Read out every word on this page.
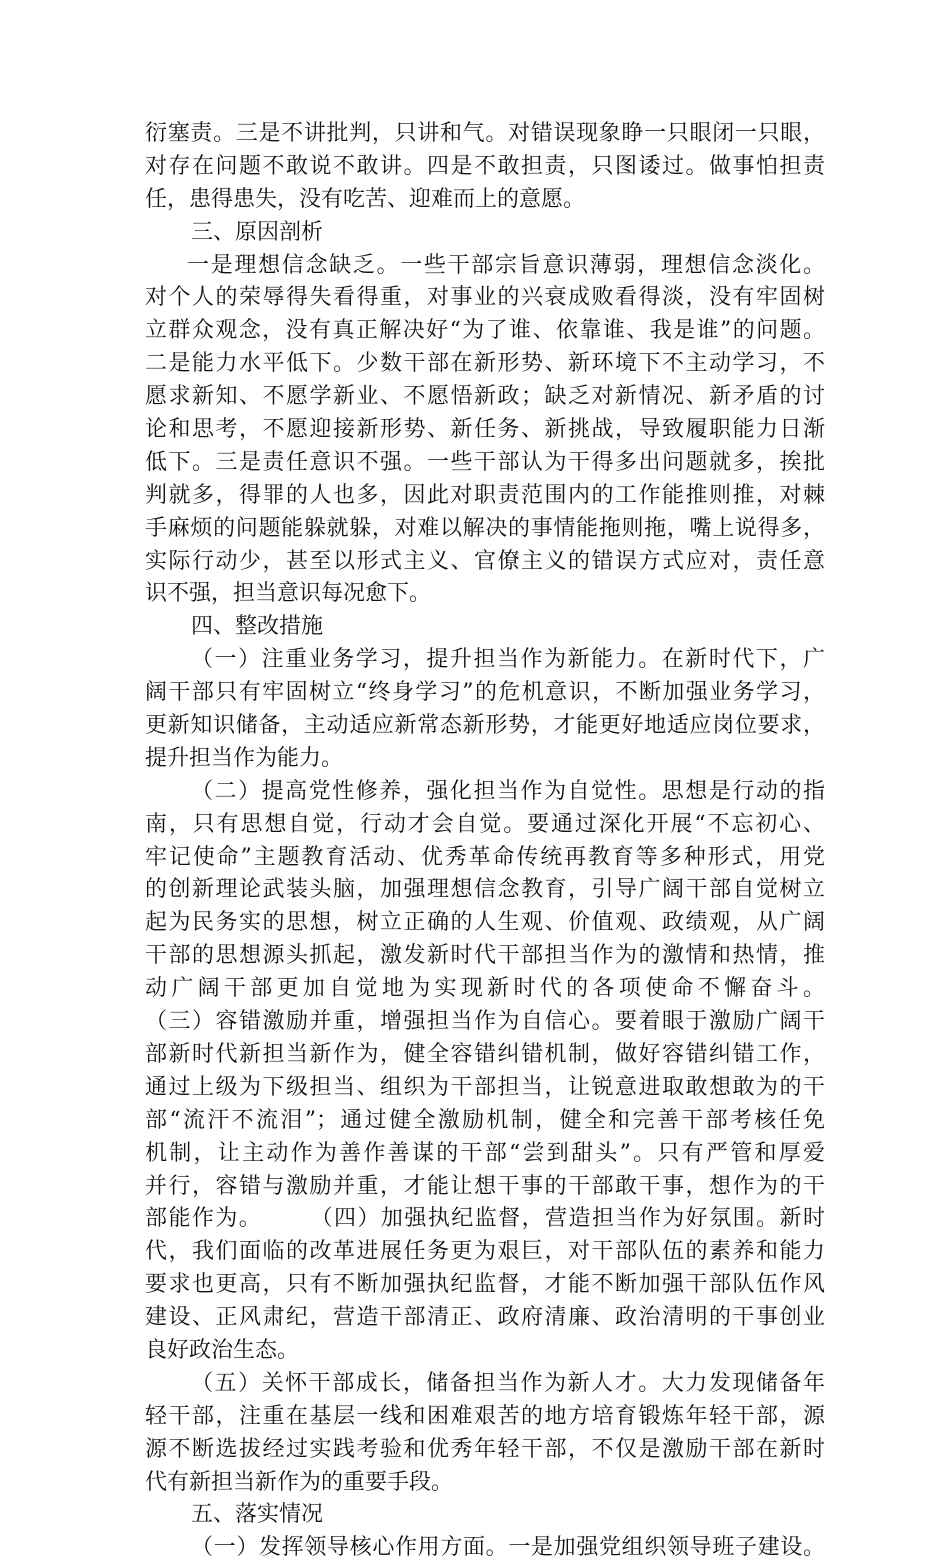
衍塞责。三是不讲批判，只讲和气。对错误现象睁一只眼闭一只眼，
对存在问题不敢说不敢讲。四是不敢担责，只图诿过。做事怕担责
任，患得患失，没有吃苦、迎难而上的意愿。
三、原因剖析
一是理想信念缺乏。一些干部宗旨意识薄弱，理想信念淡化。
对个人的荣辱得失看得重，对事业的兴衰成败看得淡，没有牢固树
立群众观念，没有真正解决好“为了谁、依靠谁、我是谁”的问题。
二是能力水平低下。少数干部在新形势、新环境下不主动学习，不
愿求新知、不愿学新业、不愿悟新政；缺乏对新情况、新矛盾的讨
论和思考，不愿迎接新形势、新任务、新挑战，导致履职能力日渐
低下。三是责任意识不强。一些干部认为干得多出问题就多，挨批
判就多，得罪的人也多，因此对职责范围内的工作能推则推，对棘
手麻烦的问题能躲就躲，对难以解决的事情能拖则拖，嘴上说得多，
实际行动少，甚至以形式主义、官僚主义的错误方式应对，责任意
识不强，担当意识每况愈下。
四、整改措施
（一）注重业务学习，提升担当作为新能力。在新时代下，广
阔干部只有牢固树立“终身学习”的危机意识，不断加强业务学习，
更新知识储备，主动适应新常态新形势，才能更好地适应岗位要求，
提升担当作为能力。
（二）提高党性修养，强化担当作为自觉性。思想是行动的指
南，只有思想自觉，行动才会自觉。要通过深化开展“不忘初心、
牢记使命”主题教育活动、优秀革命传统再教育等多种形式，用党
的创新理论武装头脑，加强理想信念教育，引导广阔干部自觉树立
起为民务实的思想，树立正确的人生观、价值观、政绩观，从广阔
干部的思想源头抓起，激发新时代干部担当作为的激情和热情，推
动广阔干部更加自觉地为实现新时代的各项使命不懈奋斗。
（三）容错激励并重，增强担当作为自信心。要着眼于激励广阔干
部新时代新担当新作为，健全容错纠错机制，做好容错纠错工作，
通过上级为下级担当、组织为干部担当，让锐意进取敢想敢为的干
部“流汗不流泪”；通过健全激励机制，健全和完善干部考核任免
机制，让主动作为善作善谋的干部“尝到甜头”。只有严管和厚爱
并行，容错与激励并重，才能让想干事的干部敢干事，想作为的干
部能作为。　　　（四）加强执纪监督，营造担当作为好氛围。新时
代，我们面临的改革进展任务更为艰巨，对干部队伍的素养和能力
要求也更高，只有不断加强执纪监督，才能不断加强干部队伍作风
建设、正风肃纪，营造干部清正、政府清廉、政治清明的干事创业
良好政治生态。
（五）关怀干部成长，储备担当作为新人才。大力发现储备年
轻干部，注重在基层一线和困难艰苦的地方培育锻炼年轻干部，源
源不断选拔经过实践考验和优秀年轻干部，不仅是激励干部在新时
代有新担当新作为的重要手段。
五、落实情况
（一）发挥领导核心作用方面。一是加强党组织领导班子建设。
